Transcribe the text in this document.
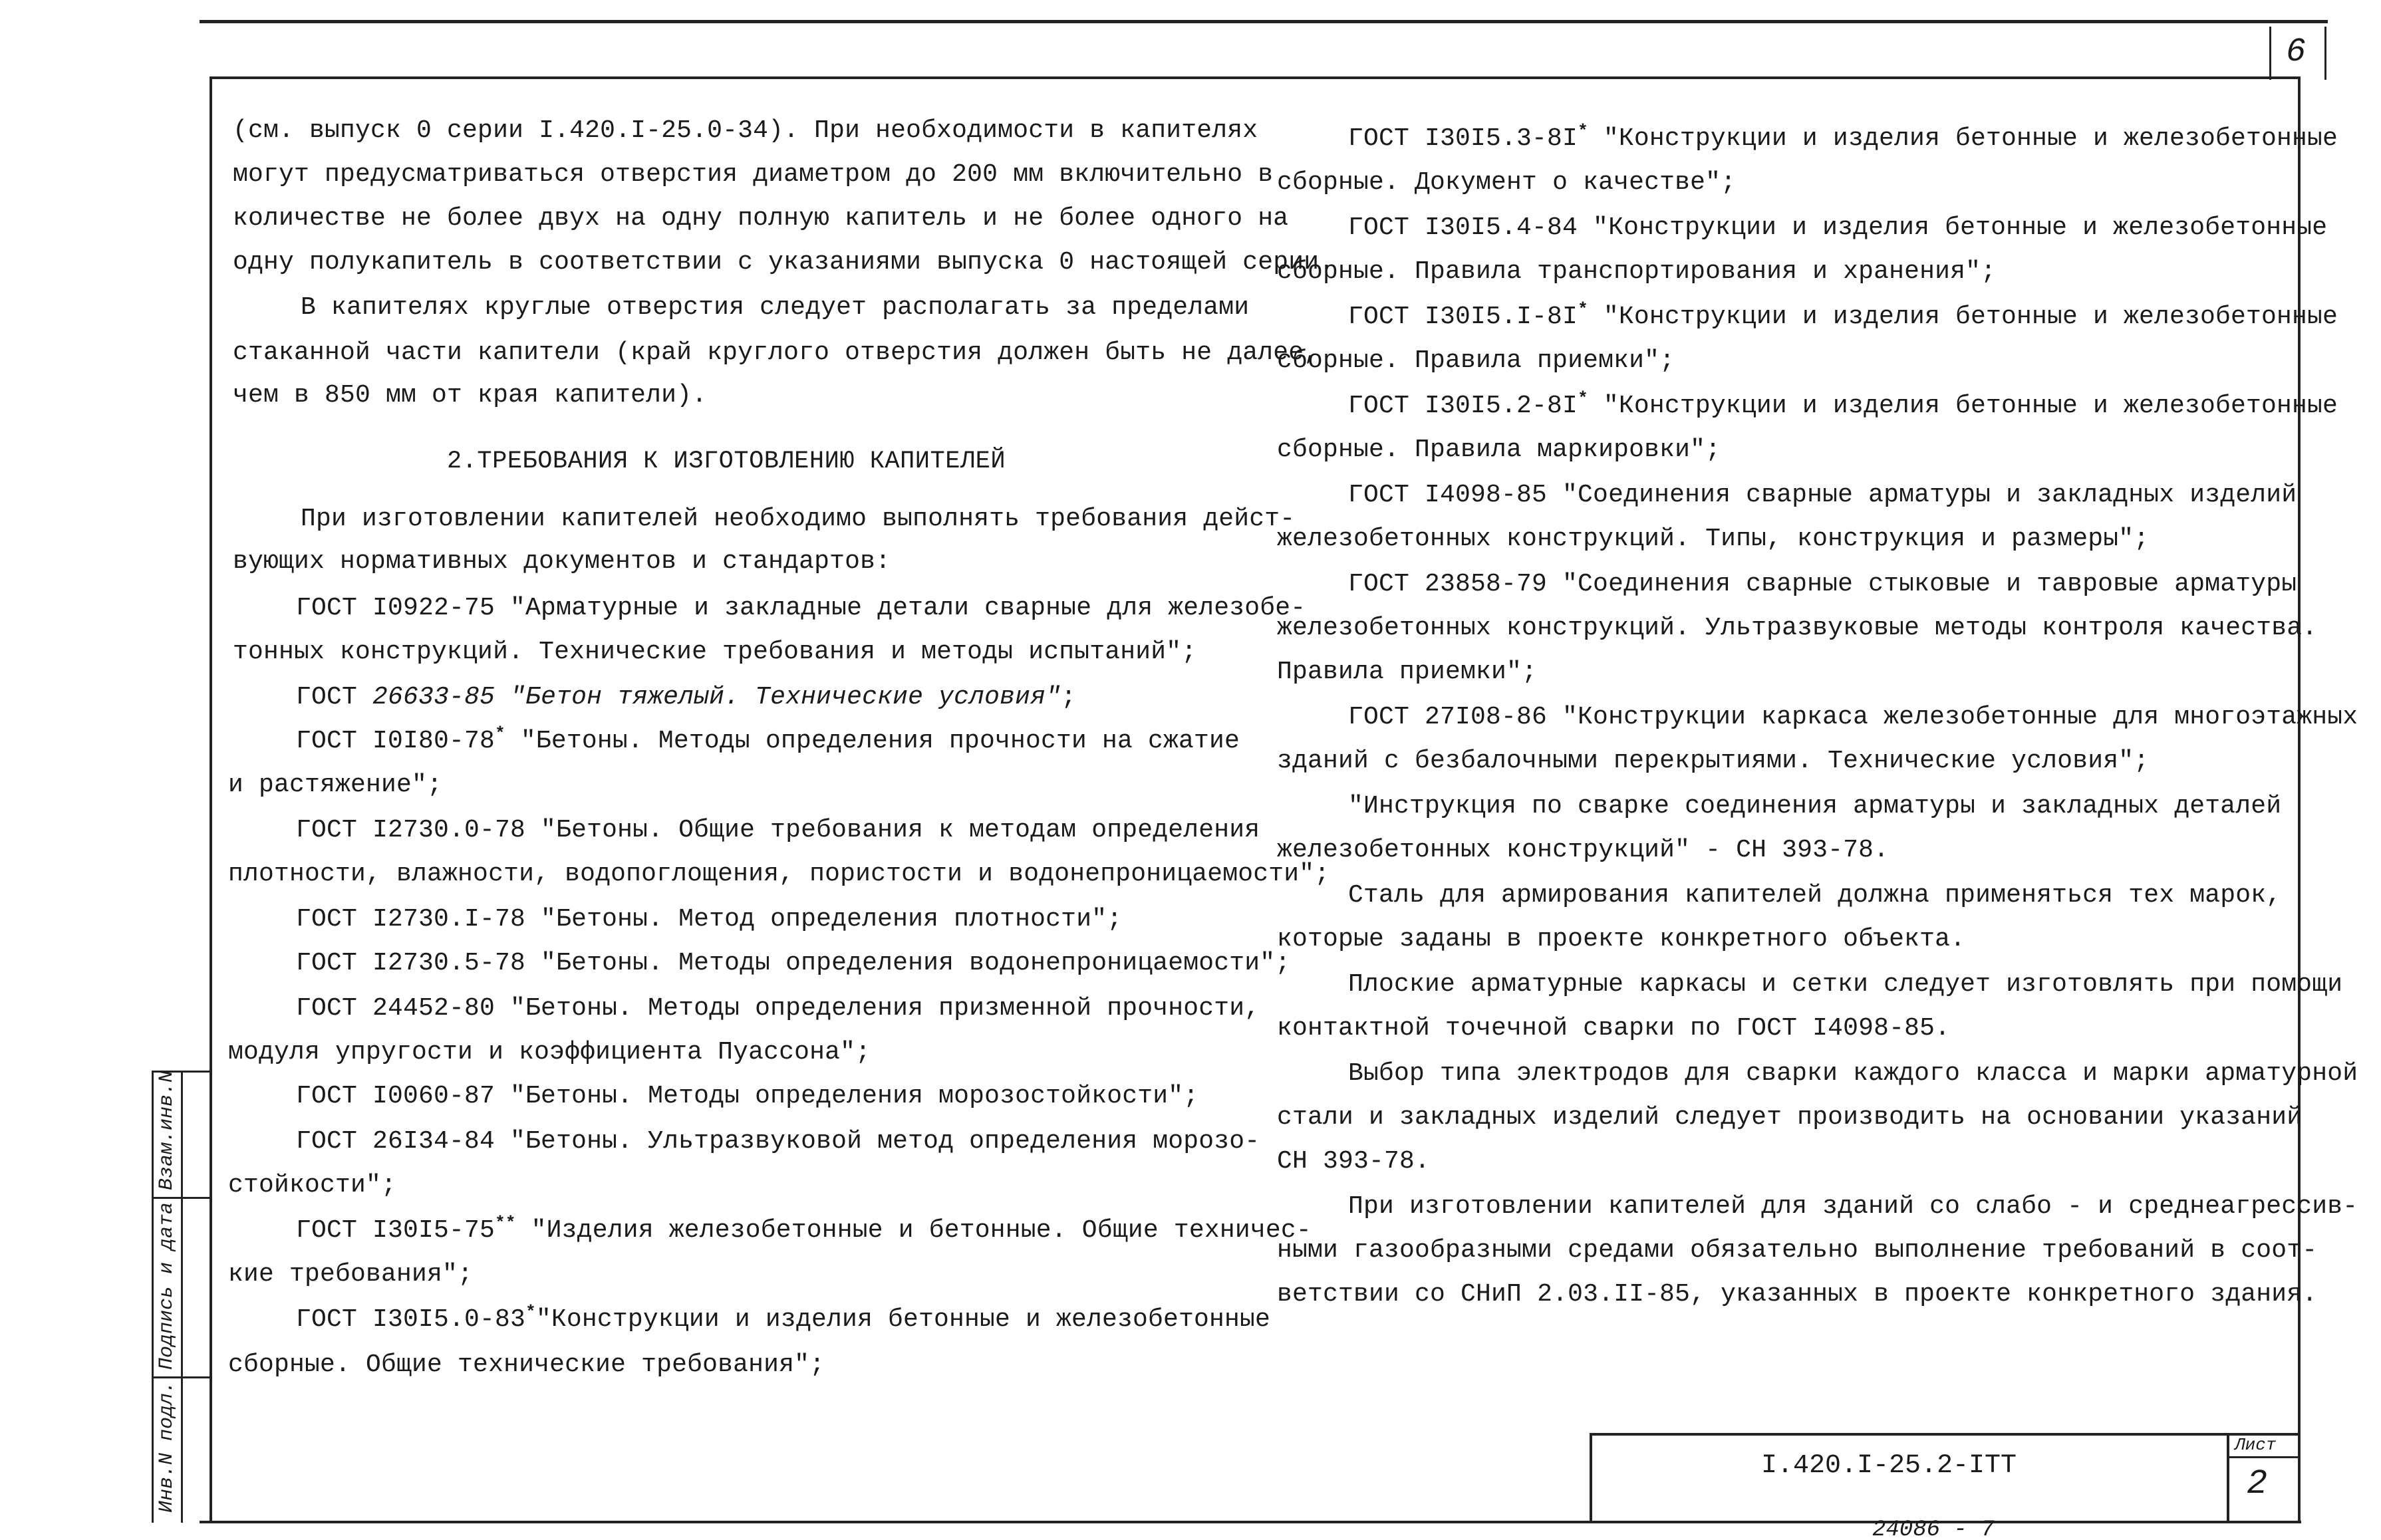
6
(см. выпуск 0 серии I.420.I-25.0-34). При необходимости в капителях
могут предусматриваться отверстия диаметром до 200 мм включительно в
количестве не более двух на одну полную капитель и не более одного на
одну полукапитель в соответствии с указаниями выпуска 0 настоящей серии.
В капителях круглые отверстия следует располагать за пределами
стаканной части капители (край круглого отверстия должен быть не далее,
чем в 850 мм от края капители).
2.ТРЕБОВАНИЯ К ИЗГОТОВЛЕНИЮ КАПИТЕЛЕЙ
При изготовлении капителей необходимо выполнять требования дейст-
вующих нормативных документов и стандартов:
ГОСТ I0922-75 "Арматурные и закладные детали сварные для железобе-
тонных конструкций. Технические требования и методы испытаний";
ГОСТ 26633-85 "Бетон тяжелый. Технические условия";
ГОСТ I0I80-78* "Бетоны. Методы определения прочности на сжатие
и растяжение";
ГОСТ I2730.0-78 "Бетоны. Общие требования к методам определения
плотности, влажности, водопоглощения, пористости и водонепроницаемости";
ГОСТ I2730.I-78 "Бетоны. Метод определения плотности";
ГОСТ I2730.5-78 "Бетоны. Методы определения водонепроницаемости";
ГОСТ 24452-80 "Бетоны. Методы определения призменной прочности,
модуля упругости и коэффициента Пуассона";
ГОСТ I0060-87 "Бетоны. Методы определения морозостойкости";
ГОСТ 26I34-84 "Бетоны. Ультразвуковой метод определения морозо-
стойкости";
ГОСТ I30I5-75** "Изделия железобетонные и бетонные. Общие техничес-
кие требования";
ГОСТ I30I5.0-83*"Конструкции и изделия бетонные и железобетонные
сборные. Общие технические требования";
ГОСТ I30I5.3-8I* "Конструкции и изделия бетонные и железобетонные
сборные. Документ о качестве";
ГОСТ I30I5.4-84 "Конструкции и изделия бетонные и железобетонные
сборные. Правила транспортирования и хранения";
ГОСТ I30I5.I-8I* "Конструкции и изделия бетонные и железобетонные
сборные. Правила приемки";
ГОСТ I30I5.2-8I* "Конструкции и изделия бетонные и железобетонные
сборные. Правила маркировки";
ГОСТ I4098-85 "Соединения сварные арматуры и закладных изделий
железобетонных конструкций. Типы, конструкция и размеры";
ГОСТ 23858-79 "Соединения сварные стыковые и тавровые арматуры
железобетонных конструкций. Ультразвуковые методы контроля качества.
Правила приемки";
ГОСТ 27I08-86 "Конструкции каркаса железобетонные для многоэтажных
зданий с безбалочными перекрытиями. Технические условия";
"Инструкция по сварке соединения арматуры и закладных деталей
железобетонных конструкций" - СН 393-78.
Сталь для армирования капителей должна применяться тех марок,
которые заданы в проекте конкретного объекта.
Плоские арматурные каркасы и сетки следует изготовлять при помощи
контактной точечной сварки по ГОСТ I4098-85.
Выбор типа электродов для сварки каждого класса и марки арматурной
стали и закладных изделий следует производить на основании указаний
СН 393-78.
При изготовлении капителей для зданий со слабо - и среднеагрессив-
ными газообразными средами обязательно выполнение требований в соот-
ветствии со СНиП 2.03.II-85, указанных в проекте конкретного здания.
Инв.N подл.
Подпись и дата
Взам.инв.N
I.420.I-25.2-IТТ
Лист
2
24086 - 7
